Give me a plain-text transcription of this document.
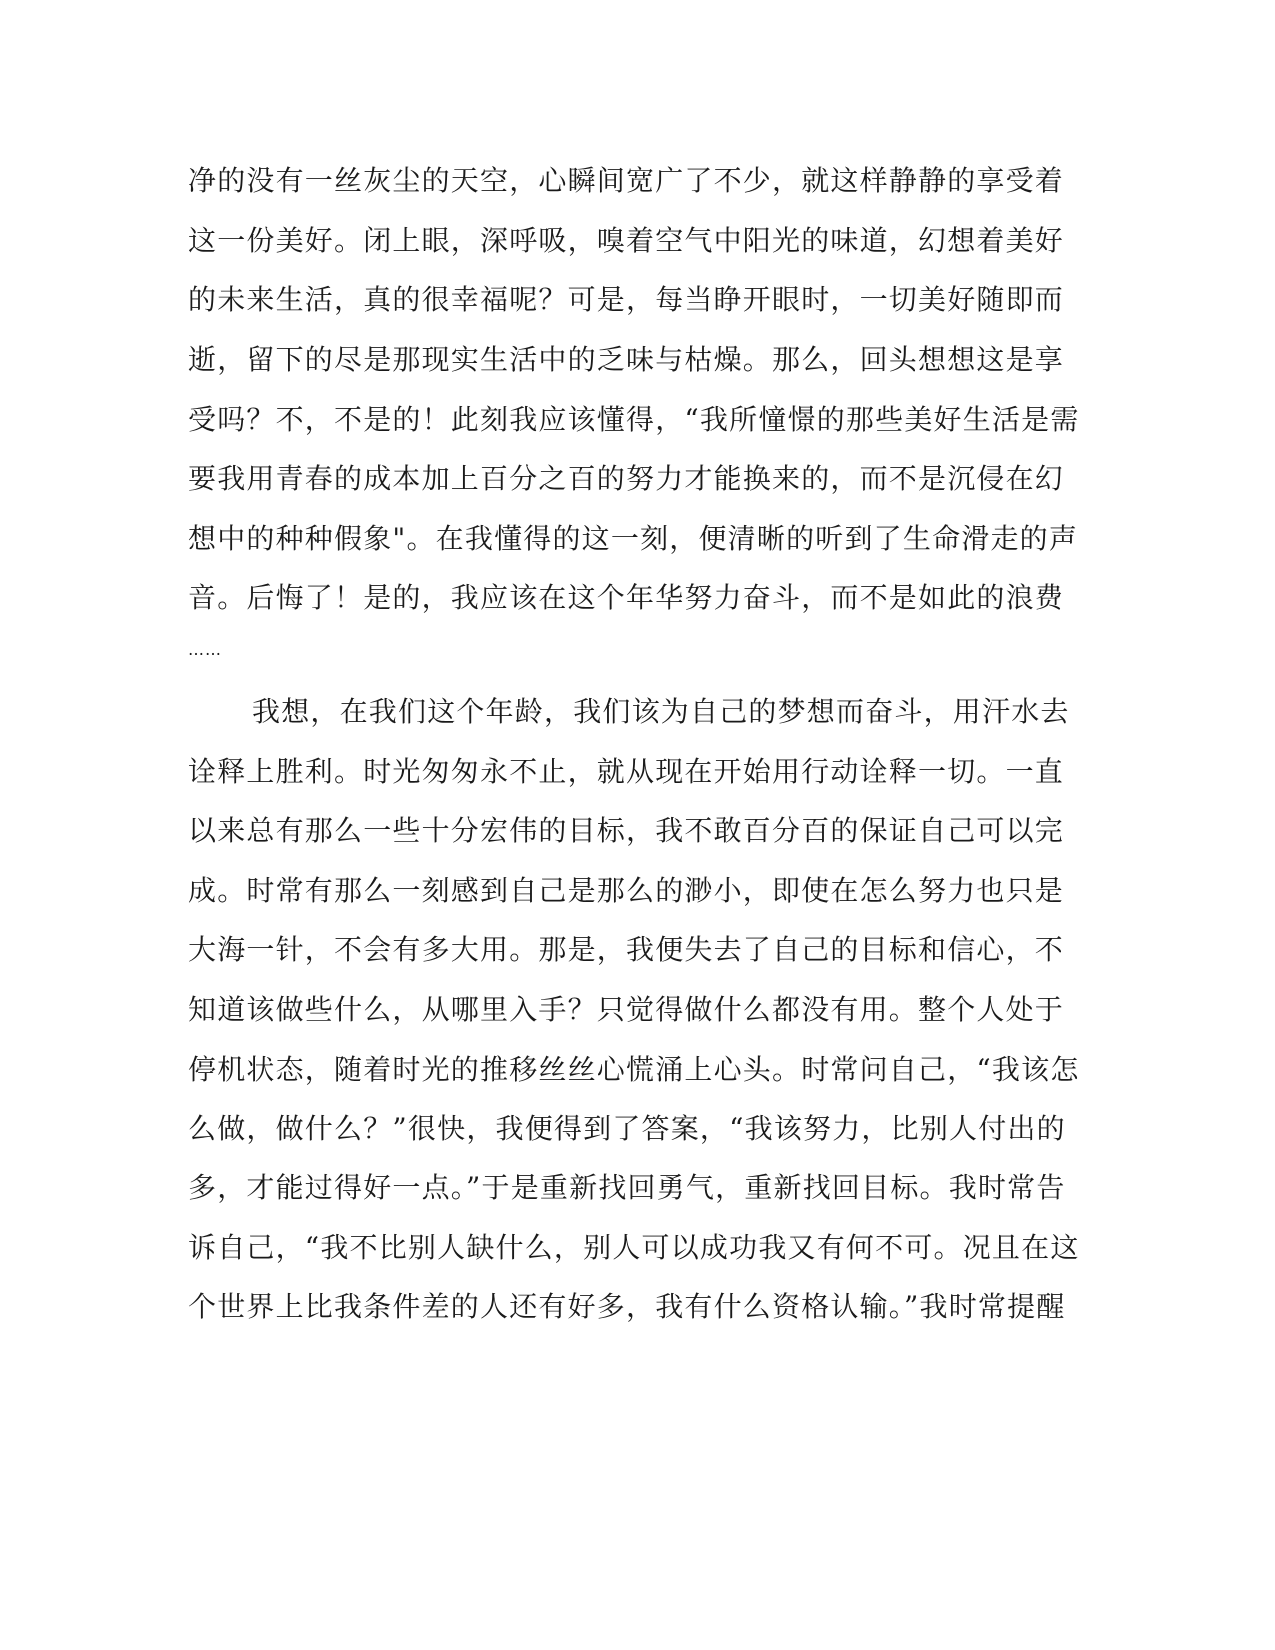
净的没有一丝灰尘的天空，心瞬间宽广了不少，就这样静静的享受着
这一份美好。闭上眼，深呼吸，嗅着空气中阳光的味道，幻想着美好
的未来生活，真的很幸福呢？可是，每当睁开眼时，一切美好随即而
逝，留下的尽是那现实生活中的乏味与枯燥。那么，回头想想这是享
受吗？不，不是的！此刻我应该懂得，“我所憧憬的那些美好生活是需
要我用青春的成本加上百分之百的努力才能换来的，而不是沉侵在幻
想中的种种假象"。在我懂得的这一刻，便清晰的听到了生命滑走的声
音。后悔了！是的，我应该在这个年华努力奋斗，而不是如此的浪费
……
我想，在我们这个年龄，我们该为自己的梦想而奋斗，用汗水去
诠释上胜利。时光匆匆永不止，就从现在开始用行动诠释一切。一直
以来总有那么一些十分宏伟的目标，我不敢百分百的保证自己可以完
成。时常有那么一刻感到自己是那么的渺小，即使在怎么努力也只是
大海一针，不会有多大用。那是，我便失去了自己的目标和信心，不
知道该做些什么，从哪里入手？只觉得做什么都没有用。整个人处于
停机状态，随着时光的推移丝丝心慌涌上心头。时常问自己，“我该怎
么做，做什么？”很快，我便得到了答案，“我该努力，比别人付出的
多，才能过得好一点。”于是重新找回勇气，重新找回目标。我时常告
诉自己，“我不比别人缺什么，别人可以成功我又有何不可。况且在这
个世界上比我条件差的人还有好多，我有什么资格认输。”我时常提醒
